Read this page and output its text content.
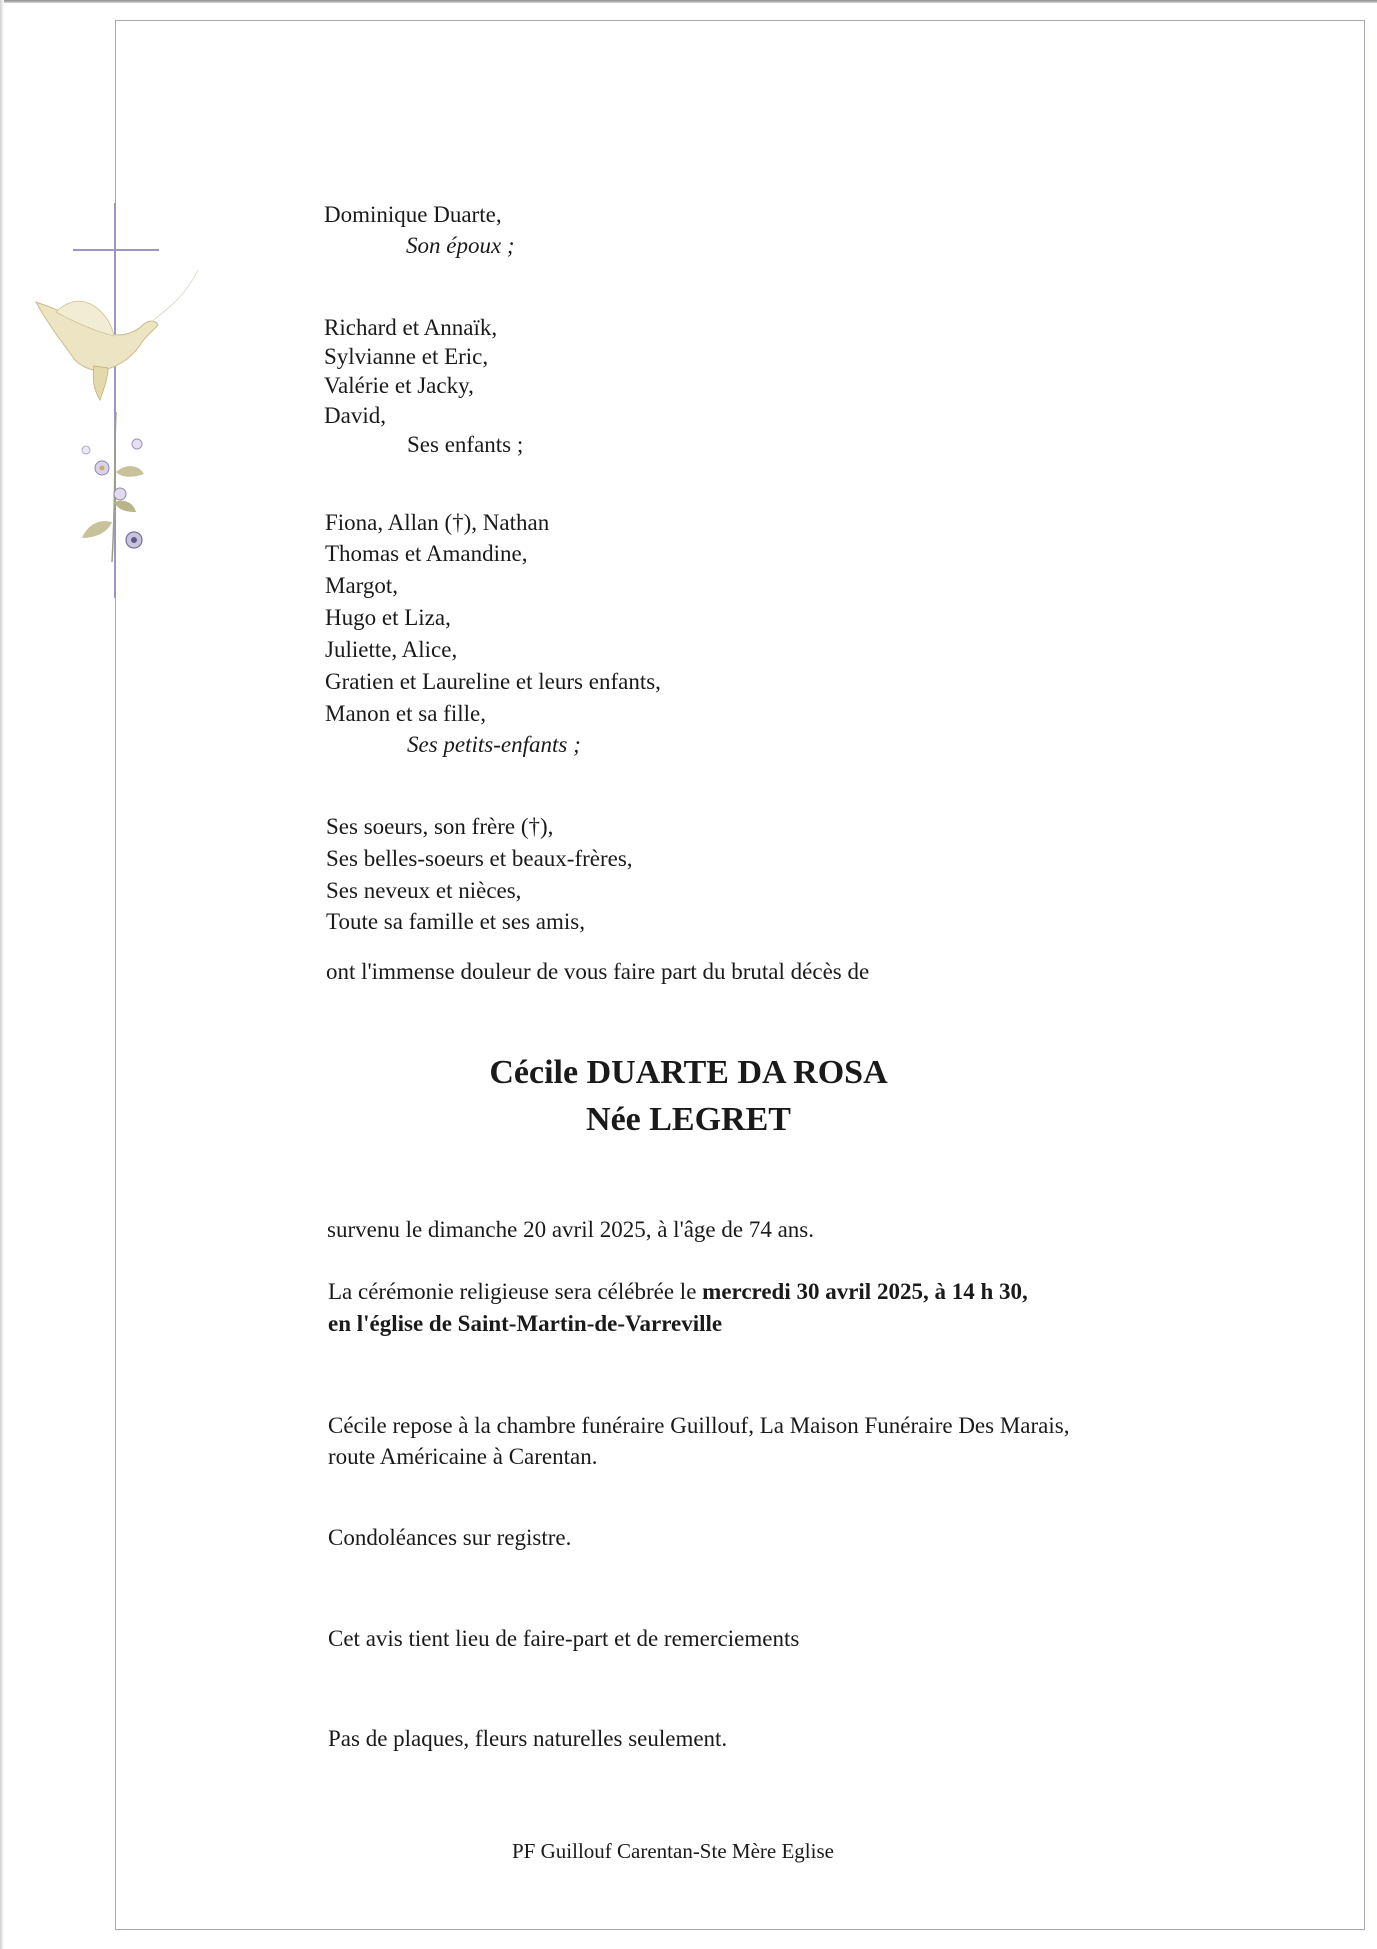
Dominique Duarte,
Son époux ;
Richard et Annaïk,
Sylvianne et Eric,
Valérie et Jacky,
David,
Ses enfants ;
Fiona, Allan (†), Nathan
Thomas et Amandine,
Margot,
Hugo et Liza,
Juliette, Alice,
Gratien et Laureline et leurs enfants,
Manon et sa fille,
Ses petits-enfants ;
Ses soeurs, son frère (†),
Ses belles-soeurs et beaux-frères,
Ses neveux et nièces,
Toute sa famille et ses amis,
ont l'immense douleur de vous faire part du brutal décès de
Cécile DUARTE DA ROSA
Née LEGRET
survenu le dimanche 20 avril 2025, à l'âge de 74 ans.
La cérémonie religieuse sera célébrée le mercredi 30 avril 2025, à 14 h 30,
en l'église de Saint-Martin-de-Varreville
Cécile repose à la chambre funéraire Guillouf, La Maison Funéraire Des Marais,
route Américaine à Carentan.
Condoléances sur registre.
Cet avis tient lieu de faire-part et de remerciements
Pas de plaques, fleurs naturelles seulement.
PF Guillouf Carentan-Ste Mère Eglise
